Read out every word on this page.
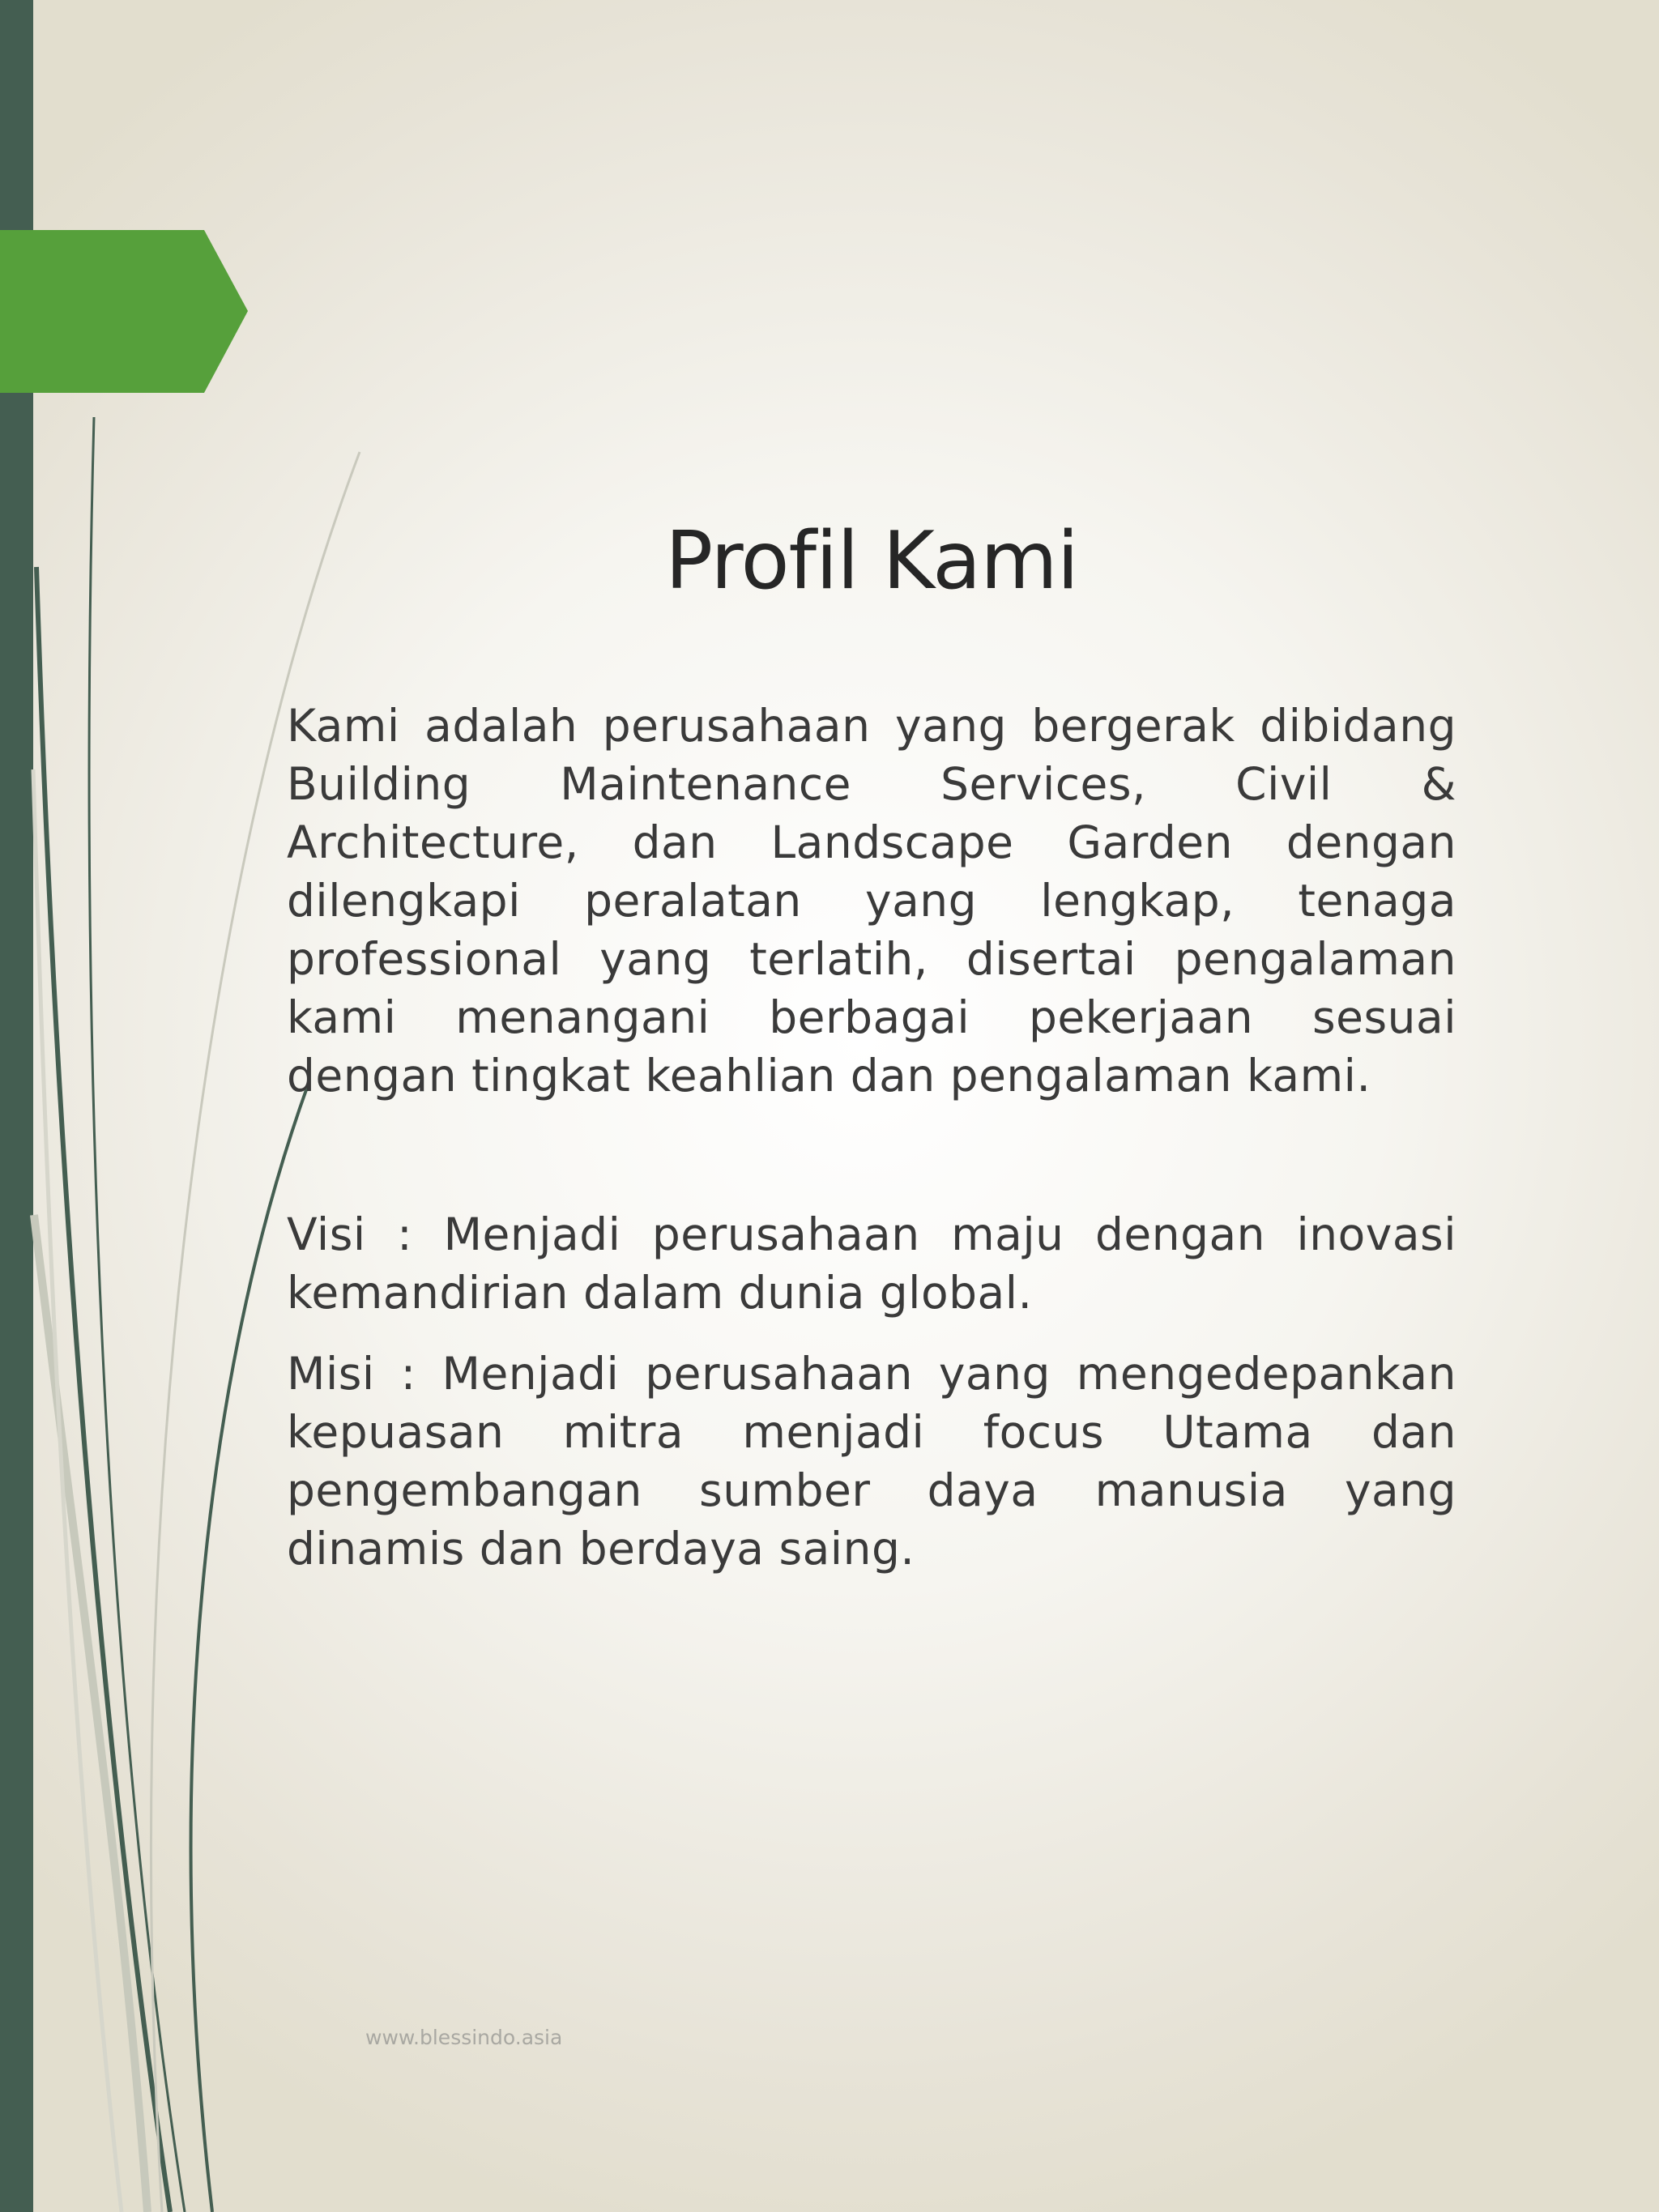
Profil Kami

Kami adalah perusahaan yang bergerak dibidang Building Maintenance Services, Civil & Architecture, dan Landscape Garden dengan dilengkapi peralatan yang lengkap, tenaga professional yang terlatih, disertai pengalaman kami menangani berbagai pekerjaan sesuai dengan tingkat keahlian dan pengalaman kami.

Visi : Menjadi perusahaan maju dengan inovasi kemandirian dalam dunia global.

Misi : Menjadi perusahaan yang mengedepankan kepuasan mitra menjadi focus Utama dan pengembangan sumber daya manusia yang dinamis dan berdaya saing.

www.blessindo.asia
